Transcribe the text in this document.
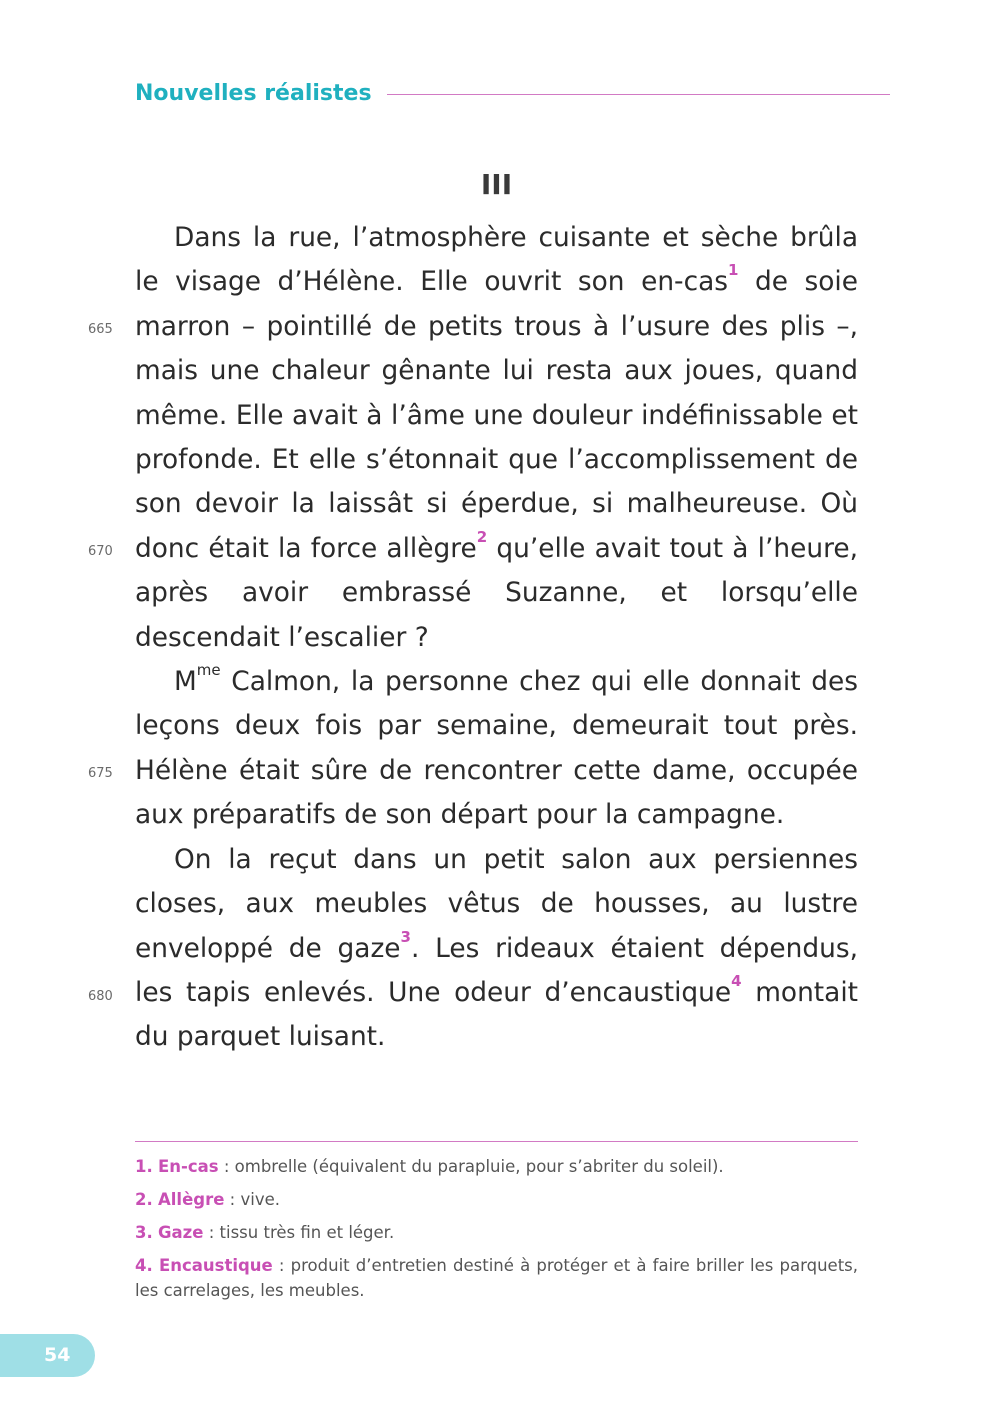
Nouvelles réalistes
III

Dans la rue, l’atmosphère cuisante et sèche brûla le visage d’Hélène. Elle ouvrit son en-cas$^1$ de soie marron – pointillé de petits trous à l’usure des plis –, mais une chaleur gênante lui resta aux joues, quand même. Elle avait à l’âme une douleur indéfinissable et profonde. Et elle s’étonnait que l’accomplissement de son devoir la laissât si éperdue, si malheureuse. Où donc était la force allègre$^2$ qu’elle avait tout à l’heure, après avoir embrassé Suzanne, et lorsqu’elle descendait l’escalier ?

$M^{me}$ Calmon, la personne chez qui elle donnait des leçons deux fois par semaine, demeurait tout près. Hélène était sûre de rencontrer cette dame, occupée aux préparatifs de son départ pour la campagne.

On la reçut dans un petit salon aux persiennes closes, aux meubles vêtus de housses, au lustre enveloppé de gaze$^3$. Les rideaux étaient dépendus, les tapis enlevés. Une odeur d’encaustique$^4$ montait du parquet luisant.

665
670
675
680

1. En-cas : ombrelle (équivalent du parapluie, pour s’abriter du soleil).

2. Allègre : vive.

3. Gaze : tissu très fin et léger.

4. Encaustique : produit d’entretien destiné à protéger et à faire briller les parquets, les carrelages, les meubles.

54
